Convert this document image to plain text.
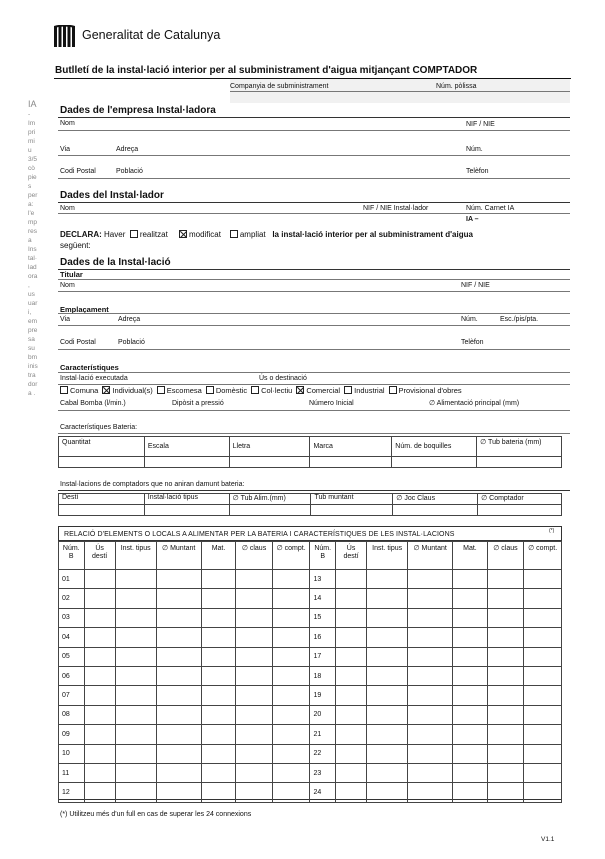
Generalitat de Catalunya
Butlletí de la instal·lació interior per al subministrament d'aigua mitjançant COMPTADOR
Companyia de subministrament	Núm. pòlissa
IA
-
Im
pri
mi
u
3/5
cò
pie
s
per
a:
l'e
mp
res
a
Ins
tal·
lad
ora
,
us
uar
i,
em
pre
sa
su
bm
inis
tra
dor
a .
Dades de l'empresa Instal·ladora
Nom	NIF / NIE
Via	Adreça	Núm.
Codi Postal	Població	Telèfon
Dades del Instal·lador
Nom	NIF / NIE Instal·lador	Núm. Carnet IA
IA –
DECLARA: Haver realitzat	modificat ampliat la instal·lació interior per al subministrament d'aigua
següent:
Dades de la Instal·lació
Titular
Nom	NIF / NIE
Emplaçament
Via	Adreça	Núm.	Esc./pis/pta.
Codi Postal	Població	Telèfon
Característiques
Instal·lació executada	Ús o destinació
Comuna Individual(s) Escomesa Domèstic Col·lectiu Comercial Industrial Provisional d'obres
Cabal Bomba (l/min.)	Dipòsit a pressió	Número Inicial	∅ Alimentació principal (mm)
Característiques Bateria:
Quantitat	Escala	Lletra	Marca	Núm. de boquilles	∅ Tub bateria (mm)

Instal·lacions de comptadors que no aniran damunt bateria:
Destí	Instal·lació tipus	∅ Tub Alim.(mm)	Tub muntant	∅ Joc Claus	∅ Comptador

RELACIÓ D'ELEMENTS O LOCALS A ALIMENTAR PER LA BATERIA I CARACTERÍSTIQUES DE LES INSTAL·LACIONS	(*)
Núm. B	Ús destí	Inst. tipus	∅ Muntant	Mat.	∅ claus	∅ compt.	Núm. B	Ús destí	Inst. tipus	∅ Muntant	Mat.	∅ claus	∅ compt.
01							13						
02							14						
03							15						
04							16						
05							17						
06							18						
07							19						
08							20						
09							21						
10							22						
11							23						
12							24						
(*) Utilitzeu més d'un full en cas de superar les 24 connexions
V1.1
